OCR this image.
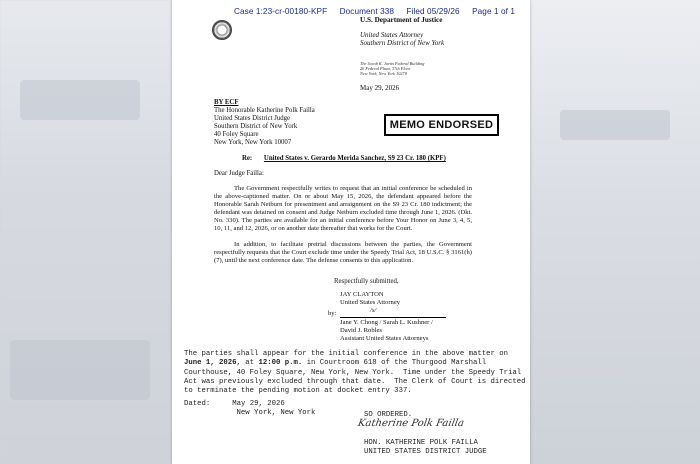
Case 1:23-cr-00180-KPF Document 338 Filed 05/29/26 Page 1 of 1
U.S. Department of Justice
United States Attorney
Southern District of New York
The Jacob K. Javits Federal Building
26 Federal Plaza, 37th Floor
New York, New York 10278
May 29, 2026
BY ECF
The Honorable Katherine Polk Failla
United States District Judge
Southern District of New York
40 Foley Square
New York, New York 10007
MEMO ENDORSED
Re: United States v. Gerardo Merida Sanchez, S9 23 Cr. 180 (KPF)
Dear Judge Failla:
The Government respectfully writes to request that an initial conference be scheduled in the above-captioned matter. On or about May 15, 2026, the defendant appeared before the Honorable Sarah Netburn for presentment and arraignment on the S9 23 Cr. 180 indictment; the defendant was detained on consent and Judge Netburn excluded time through June 1, 2026. (Dkt. No. 330). The parties are available for an initial conference before Your Honor on June 3, 4, 5, 10, 11, and 12, 2026, or on another date thereafter that works for the Court.
In addition, to facilitate pretrial discussions between the parties, the Government respectfully requests that the Court exclude time under the Speedy Trial Act, 18 U.S.C. § 3161(h)(7), until the next conference date. The defense consents to this application.
Respectfully submitted,
JAY CLAYTON
United States Attorney
/s/
by:
Jane Y. Chong / Sarah L. Kushner /
David J. Robles
Assistant United States Attorneys
The parties shall appear for the initial conference in the above matter on
June 1, 2026, at 12:00 p.m. in Courtroom 618 of the Thurgood Marshall
Courthouse, 40 Foley Square, New York, New York.  Time under the Speedy Trial
Act was previously excluded through that date.  The Clerk of Court is directed
to terminate the pending motion at docket entry 337.
Dated:	May 29, 2026
New York, New York	SO ORDERED.
Katherine Polk Failla
HON. KATHERINE POLK FAILLA
UNITED STATES DISTRICT JUDGE
